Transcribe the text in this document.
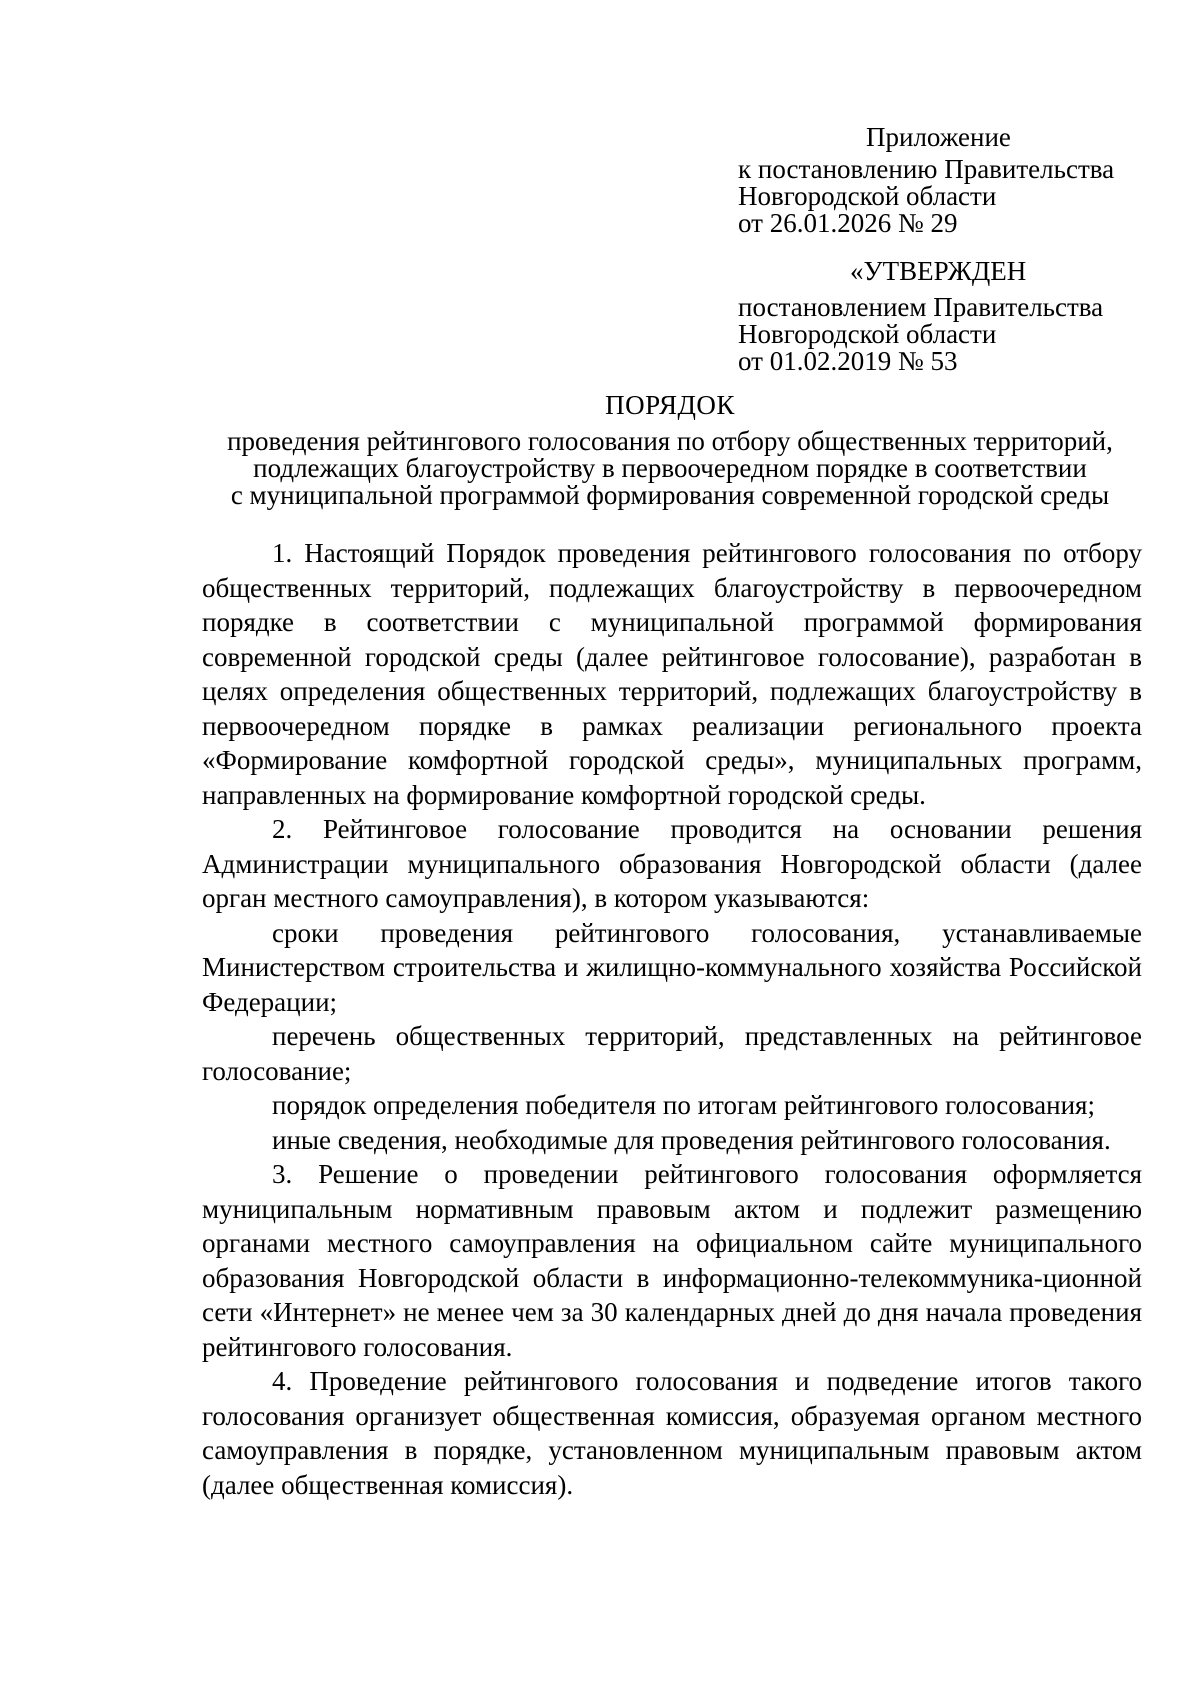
Приложение
к постановлению Правительства
Новгородской области
от 26.01.2026 № 29
«УТВЕРЖДЕН
постановлением Правительства
Новгородской области
от 01.02.2019 № 53
ПОРЯДОК
проведения рейтингового голосования по отбору общественных территорий,
подлежащих благоустройству в первоочередном порядке в соответствии
с муниципальной программой формирования современной городской среды

1. Настоящий Порядок проведения рейтингового голосования по отбору общественных территорий, подлежащих благоустройству в первоочередном порядке в соответствии с муниципальной программой формирования современной городской среды (далее рейтинговое голосование), разработан в целях определения общественных территорий, подлежащих благоустройству в первоочередном порядке в рамках реализации регионального проекта «Формирование комфортной городской среды», муниципальных программ, направленных на формирование комфортной городской среды.

2. Рейтинговое голосование проводится на основании решения Администрации муниципального образования Новгородской области (далее орган местного самоуправления), в котором указываются:

сроки проведения рейтингового голосования, устанавливаемые Министерством строительства и жилищно-коммунального хозяйства Российской Федерации;

перечень общественных территорий, представленных на рейтинговое голосование;

порядок определения победителя по итогам рейтингового голосования;

иные сведения, необходимые для проведения рейтингового голосования.

3. Решение о проведении рейтингового голосования оформляется муниципальным нормативным правовым актом и подлежит размещению органами местного самоуправления на официальном сайте муниципального образования Новгородской области в информационно-телекоммуника-ционной сети «Интернет» не менее чем за 30 календарных дней до дня начала проведения рейтингового голосования.

4. Проведение рейтингового голосования и подведение итогов такого голосования организует общественная комиссия, образуемая органом местного самоуправления в порядке, установленном муниципальным правовым актом (далее общественная комиссия).
